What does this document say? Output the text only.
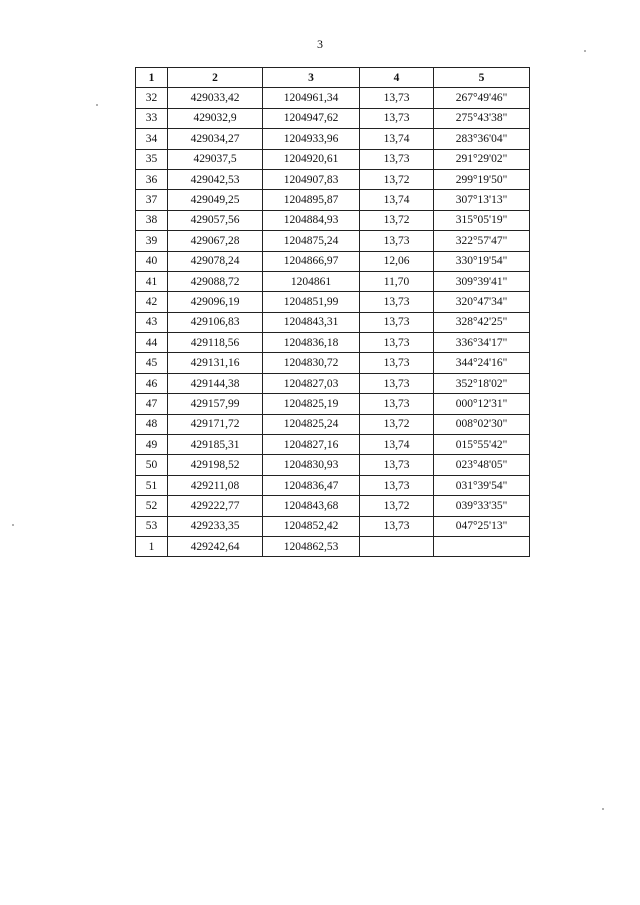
3
1	2	3	4	5
32	429033,42	1204961,34	13,73	267°49'46"
33	429032,9	1204947,62	13,73	275°43'38"
34	429034,27	1204933,96	13,74	283°36'04"
35	429037,5	1204920,61	13,73	291°29'02"
36	429042,53	1204907,83	13,72	299°19'50"
37	429049,25	1204895,87	13,74	307°13'13"
38	429057,56	1204884,93	13,72	315°05'19"
39	429067,28	1204875,24	13,73	322°57'47"
40	429078,24	1204866,97	12,06	330°19'54"
41	429088,72	1204861	11,70	309°39'41"
42	429096,19	1204851,99	13,73	320°47'34"
43	429106,83	1204843,31	13,73	328°42'25"
44	429118,56	1204836,18	13,73	336°34'17"
45	429131,16	1204830,72	13,73	344°24'16"
46	429144,38	1204827,03	13,73	352°18'02"
47	429157,99	1204825,19	13,73	000°12'31"
48	429171,72	1204825,24	13,72	008°02'30"
49	429185,31	1204827,16	13,74	015°55'42"
50	429198,52	1204830,93	13,73	023°48'05"
51	429211,08	1204836,47	13,73	031°39'54"
52	429222,77	1204843,68	13,72	039°33'35"
53	429233,35	1204852,42	13,73	047°25'13"
1	429242,64	1204862,53		
